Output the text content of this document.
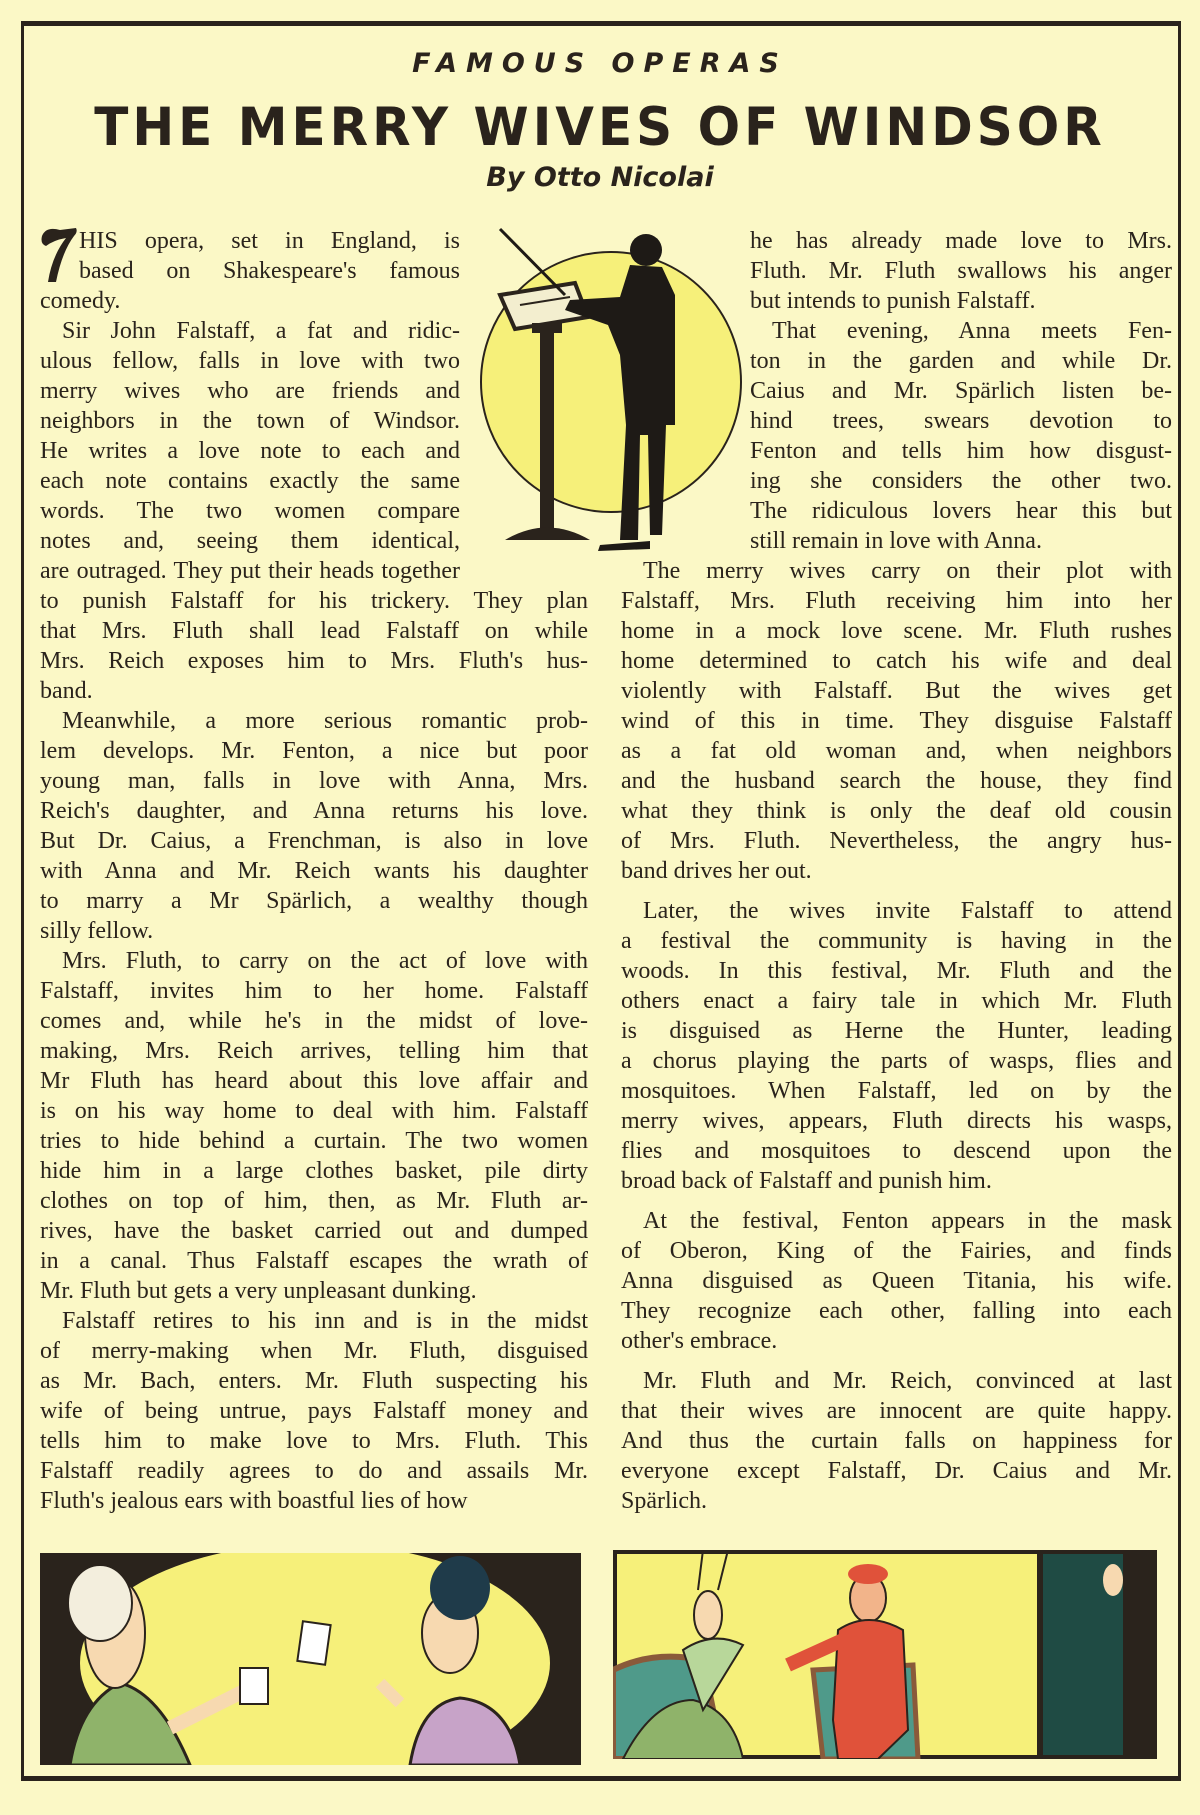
FAMOUS OPERAS
THE MERRY WIVES OF WINDSOR
By Otto Nicolai
HIS opera, set in England, is
based on Shakespeare's famous
comedy.
Sir John Falstaff, a fat and ridic-
ulous fellow, falls in love with two
merry wives who are friends and
neighbors in the town of Windsor.
He writes a love note to each and
each note contains exactly the same
words. The two women compare
notes and, seeing them identical,
are outraged. They put their heads together
to punish Falstaff for his trickery. They plan
that Mrs. Fluth shall lead Falstaff on while
Mrs. Reich exposes him to Mrs. Fluth's hus-
band.
Meanwhile, a more serious romantic prob-
lem develops. Mr. Fenton, a nice but poor
young man, falls in love with Anna, Mrs.
Reich's daughter, and Anna returns his love.
But Dr. Caius, a Frenchman, is also in love
with Anna and Mr. Reich wants his daughter
to marry a Mr Spärlich, a wealthy though
silly fellow.
Mrs. Fluth, to carry on the act of love with
Falstaff, invites him to her home. Falstaff
comes and, while he's in the midst of love-
making, Mrs. Reich arrives, telling him that
Mr Fluth has heard about this love affair and
is on his way home to deal with him. Falstaff
tries to hide behind a curtain. The two women
hide him in a large clothes basket, pile dirty
clothes on top of him, then, as Mr. Fluth ar-
rives, have the basket carried out and dumped
in a canal. Thus Falstaff escapes the wrath of
Mr. Fluth but gets a very unpleasant dunking.
Falstaff retires to his inn and is in the midst
of merry-making when Mr. Fluth, disguised
as Mr. Bach, enters. Mr. Fluth suspecting his
wife of being untrue, pays Falstaff money and
tells him to make love to Mrs. Fluth. This
Falstaff readily agrees to do and assails Mr.
Fluth's jealous ears with boastful lies of how
he has already made love to Mrs.
Fluth. Mr. Fluth swallows his anger
but intends to punish Falstaff.
That evening, Anna meets Fen-
ton in the garden and while Dr.
Caius and Mr. Spärlich listen be-
hind trees, swears devotion to
Fenton and tells him how disgust-
ing she considers the other two.
The ridiculous lovers hear this but
still remain in love with Anna.
The merry wives carry on their plot with
Falstaff, Mrs. Fluth receiving him into her
home in a mock love scene. Mr. Fluth rushes
home determined to catch his wife and deal
violently with Falstaff. But the wives get
wind of this in time. They disguise Falstaff
as a fat old woman and, when neighbors
and the husband search the house, they find
what they think is only the deaf old cousin
of Mrs. Fluth. Nevertheless, the angry hus-
band drives her out.
Later, the wives invite Falstaff to attend
a festival the community is having in the
woods. In this festival, Mr. Fluth and the
others enact a fairy tale in which Mr. Fluth
is disguised as Herne the Hunter, leading
a chorus playing the parts of wasps, flies and
mosquitoes. When Falstaff, led on by the
merry wives, appears, Fluth directs his wasps,
flies and mosquitoes to descend upon the
broad back of Falstaff and punish him.
At the festival, Fenton appears in the mask
of Oberon, King of the Fairies, and finds
Anna disguised as Queen Titania, his wife.
They recognize each other, falling into each
other's embrace.
Mr. Fluth and Mr. Reich, convinced at last
that their wives are innocent are quite happy.
And thus the curtain falls on happiness for
everyone except Falstaff, Dr. Caius and Mr.
Spärlich.
